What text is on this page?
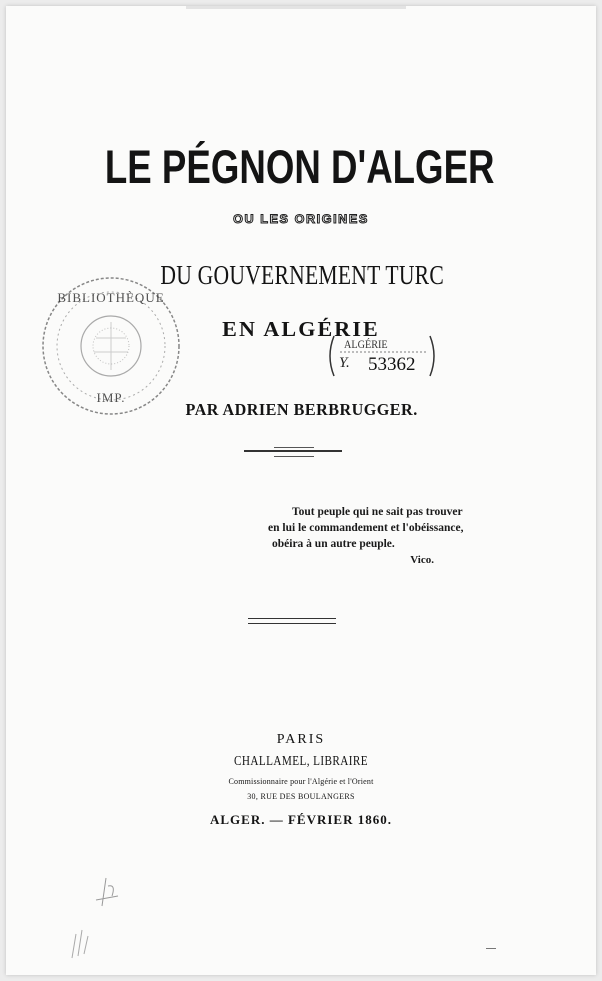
LE PÉGNON D'ALGER
OU LES ORIGINES
DU GOUVERNEMENT TURC
EN ALGÉRIE
BIBLIOTHÈQUE
IMP.
ALGÉRIE
Y. 53362
PAR ADRIEN BERBRUGGER.
Tout peuple qui ne sait pas trouver
en lui le commandement et l'obéissance,
obéira à un autre peuple.
Vico.
PARIS
CHALLAMEL, LIBRAIRE
Commissionnaire pour l'Algérie et l'Orient
30, RUE DES BOULANGERS
ALGER. — FÉVRIER 1860.
